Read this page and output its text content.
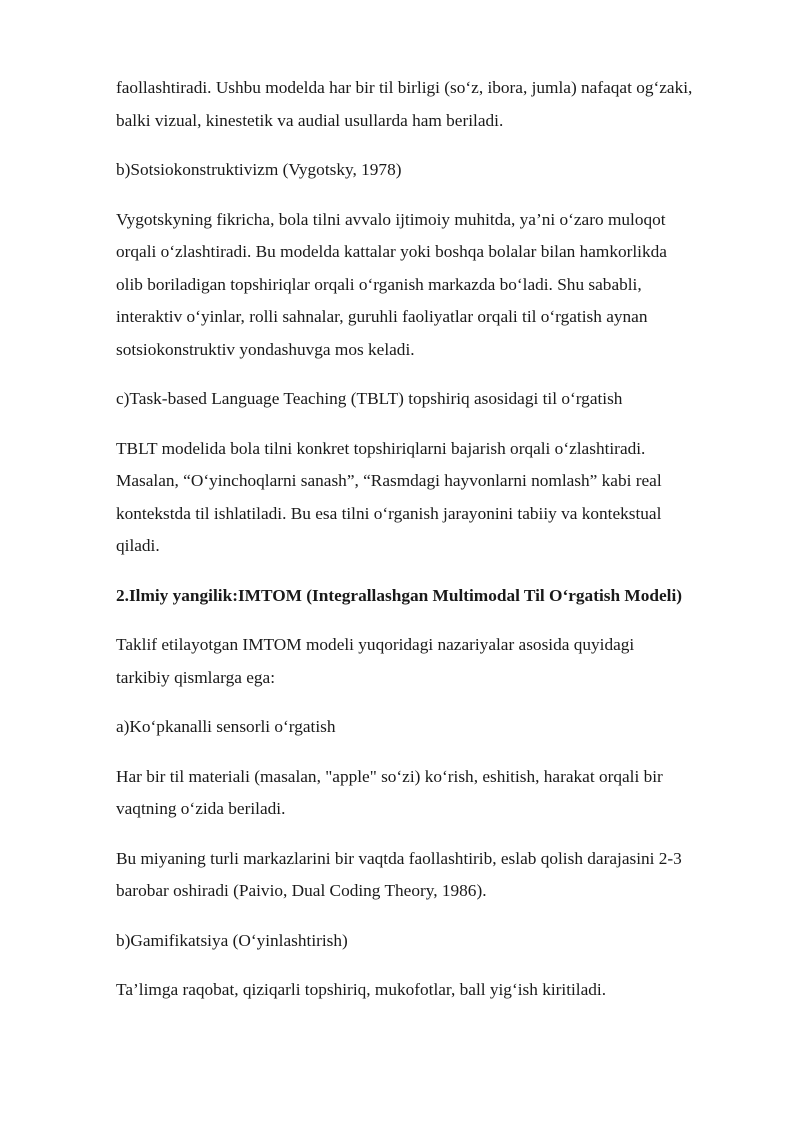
faollashtiradi. Ushbu modelda har bir til birligi (so‘z, ibora, jumla) nafaqat og‘zaki,
balki vizual, kinestetik va audial usullarda ham beriladi.

b)Sotsiokonstruktivizm (Vygotsky, 1978)

Vygotskyning fikricha, bola tilni avvalo ijtimoiy muhitda, ya’ni o‘zaro muloqot
orqali o‘zlashtiradi. Bu modelda kattalar yoki boshqa bolalar bilan hamkorlikda
olib boriladigan topshiriqlar orqali o‘rganish markazda bo‘ladi. Shu sababli,
interaktiv o‘yinlar, rolli sahnalar, guruhli faoliyatlar orqali til o‘rgatish aynan
sotsiokonstruktiv yondashuvga mos keladi.

c)Task-based Language Teaching (TBLT) topshiriq asosidagi til o‘rgatish

TBLT modelida bola tilni konkret topshiriqlarni bajarish orqali o‘zlashtiradi.
Masalan, “O‘yinchoqlarni sanash”, “Rasmdagi hayvonlarni nomlash” kabi real
kontekstda til ishlatiladi. Bu esa tilni o‘rganish jarayonini tabiiy va kontekstual
qiladi.

2.Ilmiy yangilik:IMTOM (Integrallashgan Multimodal Til O‘rgatish Modeli)

Taklif etilayotgan IMTOM modeli yuqoridagi nazariyalar asosida quyidagi
tarkibiy qismlarga ega:

a)Ko‘pkanalli sensorli o‘rgatish

Har bir til materiali (masalan, "apple" so‘zi) ko‘rish, eshitish, harakat orqali bir
vaqtning o‘zida beriladi.

Bu miyaning turli markazlarini bir vaqtda faollashtirib, eslab qolish darajasini 2-3
barobar oshiradi (Paivio, Dual Coding Theory, 1986).

b)Gamifikatsiya (O‘yinlashtirish)

Ta’limga raqobat, qiziqarli topshiriq, mukofotlar, ball yig‘ish kiritiladi.
